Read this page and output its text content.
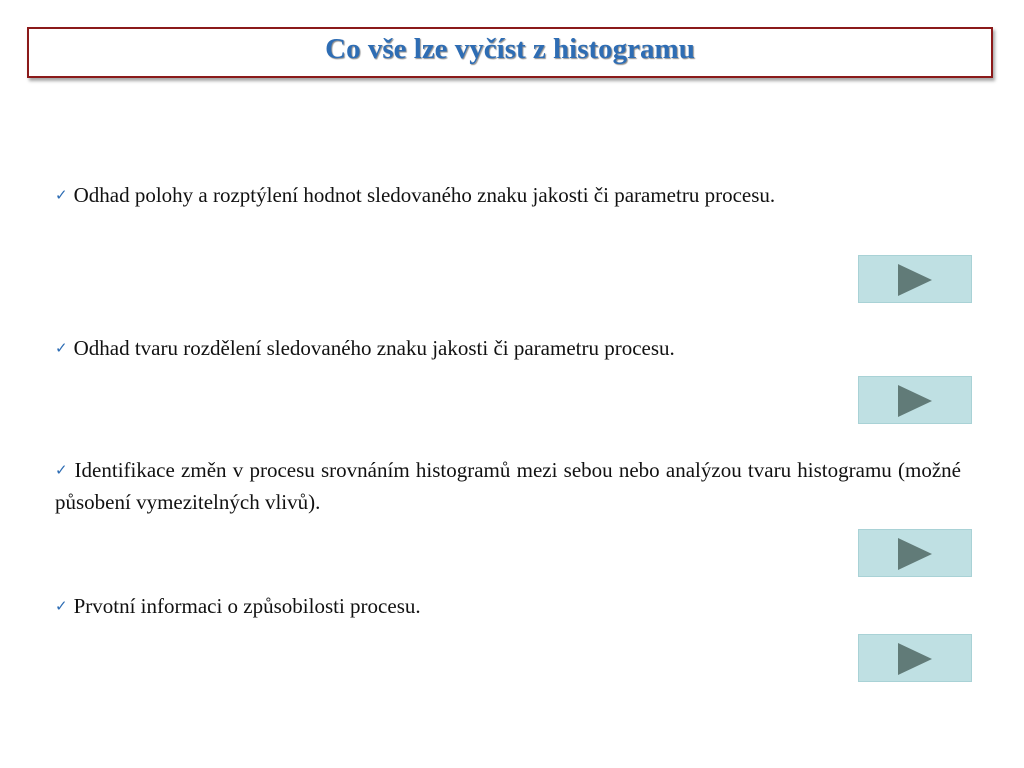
Co vše lze vyčíst z histogramu
✓ Odhad polohy a rozptýlení hodnot sledovaného znaku jakosti či parametru procesu.
✓ Odhad tvaru rozdělení sledovaného znaku jakosti či parametru procesu.
✓ Identifikace změn v procesu srovnáním histogramů mezi sebou nebo analýzou tvaru histogramu (možné působení vymezitelných vlivů).
✓ Prvotní informaci o způsobilosti procesu.
